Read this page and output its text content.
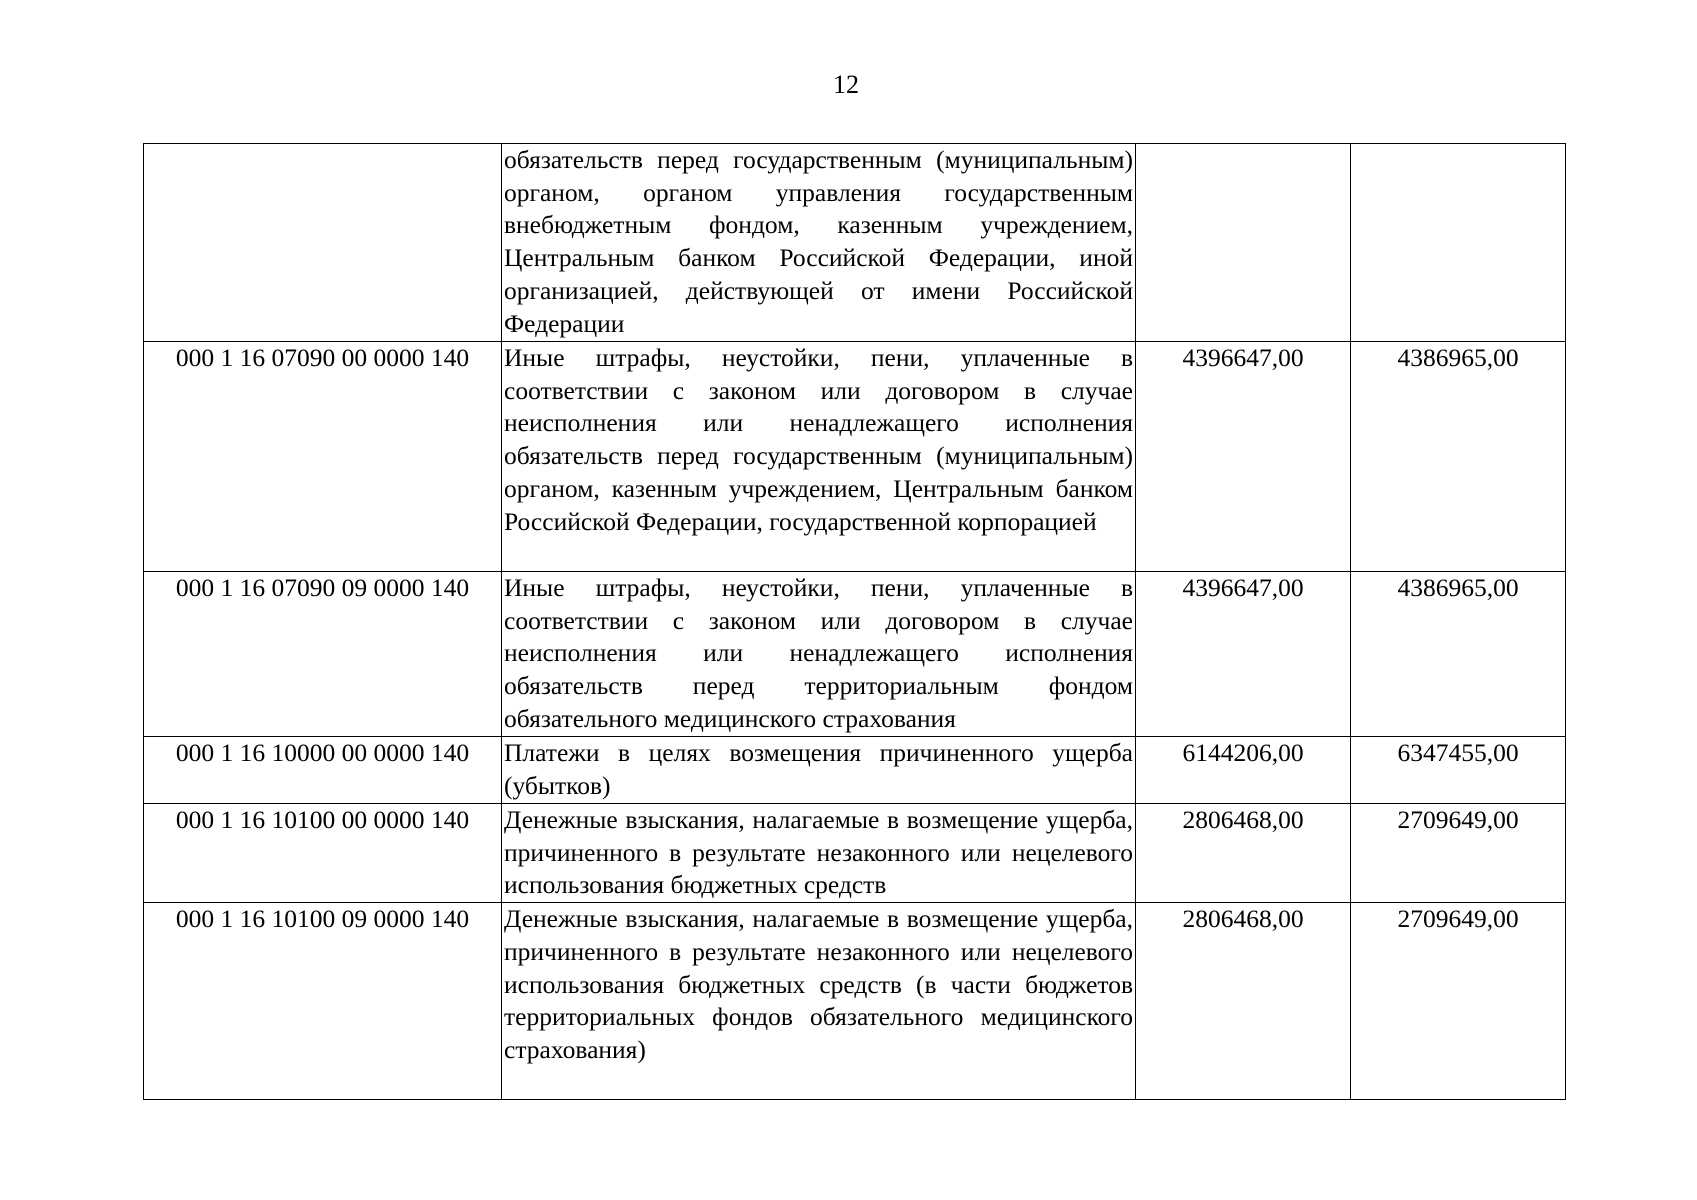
12
	обязательств перед государственным (муниципальным) органом, органом управления государственным внебюджетным фондом, казенным учреждением, Центральным банком Российской Федерации, иной организацией, действующей от имени Российской Федерации		
000 1 16 07090 00 0000 140	Иные штрафы, неустойки, пени, уплаченные в соответствии с законом или договором в случае неисполнения или ненадлежащего исполнения обязательств перед государственным (муниципальным) органом, казенным учреждением, Центральным банком Российской Федерации, государственной корпорацией	4396647,00	4386965,00
000 1 16 07090 09 0000 140	Иные штрафы, неустойки, пени, уплаченные в соответствии с законом или договором в случае неисполнения или ненадлежащего исполнения обязательств перед территориальным фондом обязательного медицинского страхования	4396647,00	4386965,00
000 1 16 10000 00 0000 140	Платежи в целях возмещения причиненного ущерба (убытков)	6144206,00	6347455,00
000 1 16 10100 00 0000 140	Денежные взыскания, налагаемые в возмещение ущерба, причиненного в результате незаконного или нецелевого использования бюджетных средств	2806468,00	2709649,00
000 1 16 10100 09 0000 140	Денежные взыскания, налагаемые в возмещение ущерба, причиненного в результате незаконного или нецелевого использования бюджетных средств (в части бюджетов территориальных фондов обязательного медицинского страхования)	2806468,00	2709649,00
